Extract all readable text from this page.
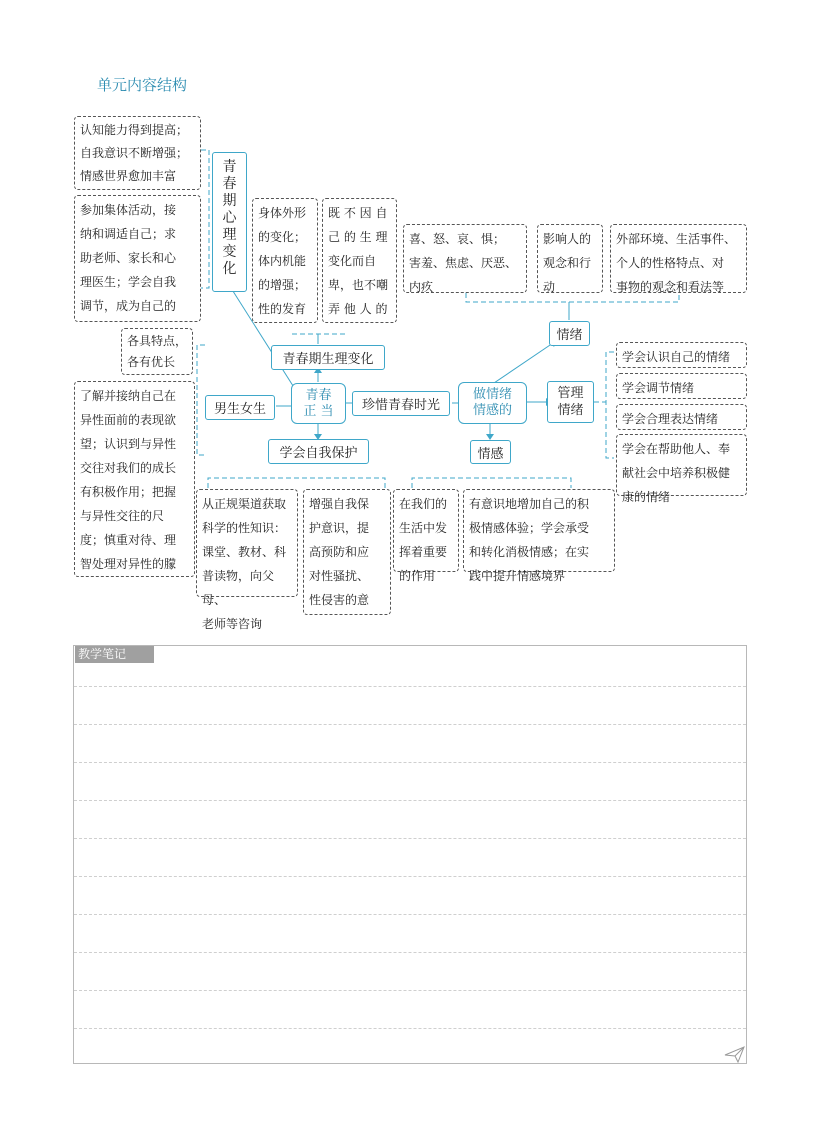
单元内容结构
认知能力得到提高；
自我意识不断增强；
情感世界愈加丰富
青春期心理变化
参加集体活动，接
纳和调适自己；求
助老师、家长和心
理医生；学会自我
调节，成为自己的
各具特点，
各有优长
了解并接纳自己在
异性面前的表现欲
望；认识到与异性
交往对我们的成长
有积极作用；把握
与异性交往的尺
度；慎重对待、理
智处理对异性的朦
身体外形
的变化；
体内机能
的增强；
性的发育
既 不 因 自
己 的 生 理
变化而自
卑，也不嘲
弄 他 人 的
青春期生理变化
青春
正 当
男生女生	珍惜青春时光
学会自我保护
从正规渠道获取
科学的性知识：
课堂、教材、科
普读物，向父母、
老师等咨询
增强自我保
护意识，提
高预防和应
对性骚扰、
性侵害的意
做情绪
情感的
喜、怒、哀、惧；
害羞、焦虑、厌恶、
内疚
影响人的
观念和行
动
外部环境、生活事件、
个人的性格特点、对
事物的观念和看法等
情绪
管理
情绪
学会认识自己的情绪
学会调节情绪
学会合理表达情绪
学会在帮助他人、奉
献社会中培养积极健
康的情绪
情感
在我们的
生活中发
挥着重要
的作用
有意识地增加自己的积
极情感体验；学会承受
和转化消极情感；在实
践中提升情感境界
教学笔记
